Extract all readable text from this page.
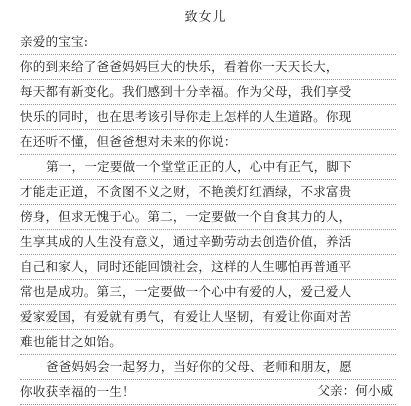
致女儿
亲爱的宝宝:
你的到来给了爸爸妈妈巨大的快乐，看着你一天天长大，
每天都有新变化。我们感到十分幸福。作为父母，我们享受
快乐的同时，也在思考该引导你走上怎样的人生道路。你现
在还听不懂，但爸爸想对未来的你说：
第一，一定要做一个堂堂正正的人，心中有正气，脚下
才能走正道，不贪图不义之财，不艳羡灯红酒绿，不求富贵
傍身，但求无愧于心。第二，一定要做一个自食其力的人，
生享其成的人生没有意义，通过辛勤劳动去创造价值，养活
自己和家人，同时还能回馈社会，这样的人生哪怕再普通平
常也是成功。第三，一定要做一个心中有爱的人，爱己爱人
爱家爱国，有爱就有勇气，有爱让人坚韧，有爱让你面对苦
难也能甘之如饴。
爸爸妈妈会一起努力，当好你的父母、老师和朋友，愿
你收获幸福的一生！	父亲：何小威
